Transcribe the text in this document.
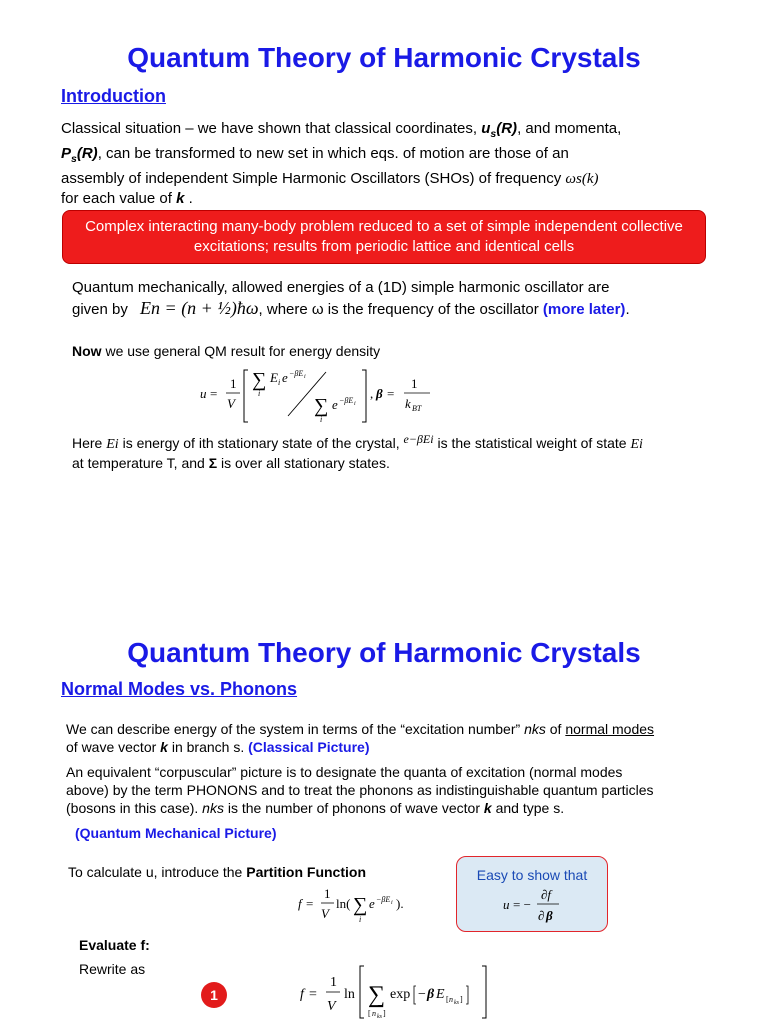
Quantum Theory of Harmonic Crystals
Introduction
Classical situation – we have shown that classical coordinates, $u_s(R)$, and momenta,
$P_s(R)$, can be transformed to new set in which eqs. of motion are those of an
assembly of independent Simple Harmonic Oscillators (SHOs) of frequency ωs(k)
for each value of k .
Complex interacting many-body problem reduced to a set of simple independent collective excitations; results from periodic lattice and identical cells
Quantum mechanically, allowed energies of a (1D) simple harmonic oscillator are
given by En = (n + ½)ħω, where ω is the frequency of the oscillator (more later).
Now we use general QM result for energy density
u =
1
V
∑
i
E i e −βE i
∑
i
e −βE i
, β =
1
k BT
Here Ei is energy of ith stationary state of the crystal, e−βEi is the statistical weight of state Ei
at temperature T, and Σ is over all stationary states.
Quantum Theory of Harmonic Crystals
Normal Modes vs. Phonons
We can describe energy of the system in terms of the “excitation number” nks of normal modes
of wave vector k in branch s. (Classical Picture)
An equivalent “corpuscular” picture is to designate the quanta of excitation (normal modes
above) by the term PHONONS and to treat the phonons as indistinguishable quantum particles
(bosons in this case). nks is the number of phonons of wave vector k and type s.
(Quantum Mechanical Picture)
To calculate u, introduce the Partition Function
f =
1
V
ln( ∑
i
e −βE i ).
Easy to show that
u = −
∂f
∂ β
Evaluate f:
Rewrite as
1	f =
1
V
ln ∑
[ n ks ]
exp − β E [ n ks ]
